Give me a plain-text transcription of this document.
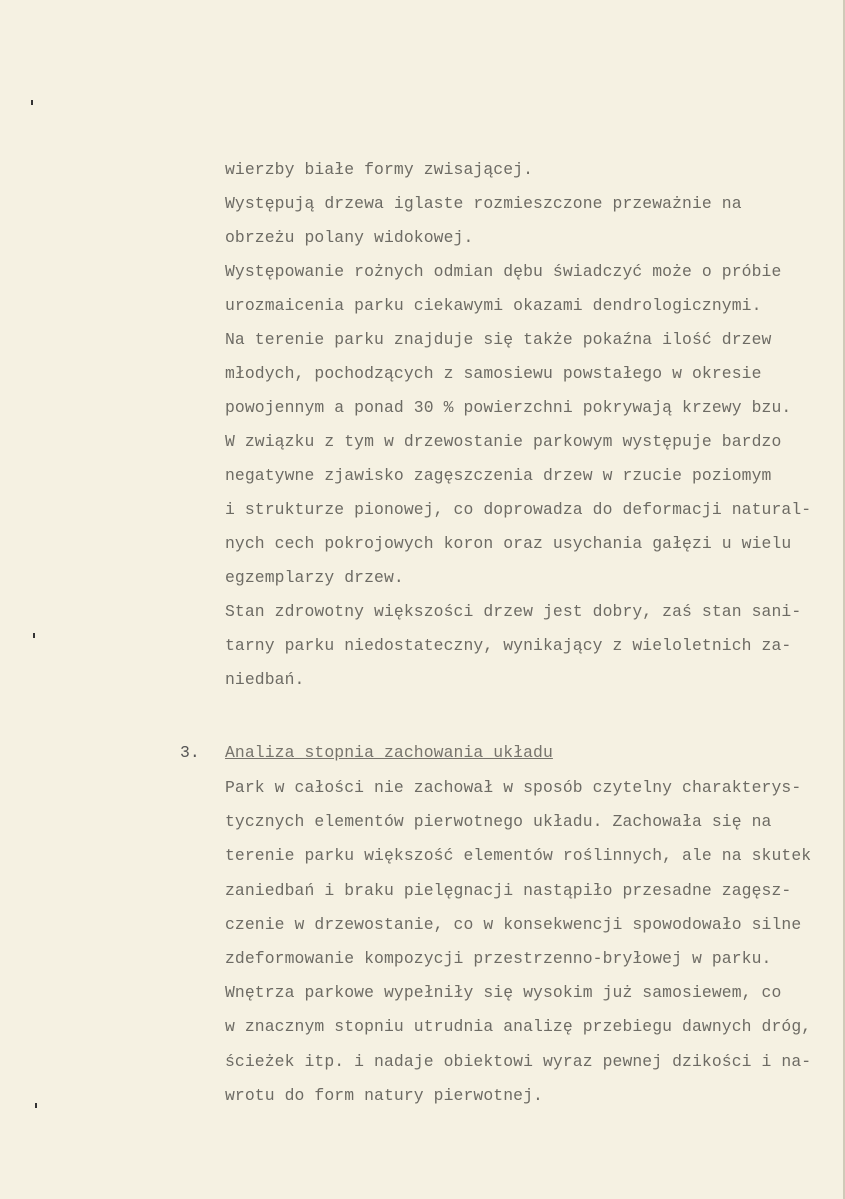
wierzby białe formy zwisającej.
Występują drzewa iglaste rozmieszczone przeważnie na
obrzeżu polany widokowej.
Występowanie rożnych odmian dębu świadczyć może o próbie
urozmaicenia parku ciekawymi okazami dendrologicznymi.
Na terenie parku znajduje się także pokaźna ilość drzew
młodych, pochodzących z samosiewu powstałego w okresie
powojennym a ponad 30 % powierzchni pokrywają krzewy bzu.
W związku z tym w drzewostanie parkowym występuje bardzo
negatywne zjawisko zagęszczenia drzew w rzucie poziomym
i strukturze pionowej, co doprowadza do deformacji natural-
nych cech pokrojowych koron oraz usychania gałęzi u wielu
egzemplarzy drzew.
Stan zdrowotny większości drzew jest dobry, zaś stan sani-
tarny parku niedostateczny, wynikający z wieloletnich za-
niedbań.
3. Analiza stopnia zachowania układu
Park w całości nie zachował w sposób czytelny charakterys-
tycznych elementów pierwotnego układu. Zachowała się na
terenie parku większość elementów roślinnych, ale na skutek
zaniedbań i braku pielęgnacji nastąpiło przesadne zagęsz-
czenie w drzewostanie, co w konsekwencji spowodowało silne
zdeformowanie kompozycji przestrzenno-bryłowej w parku.
Wnętrza parkowe wypełniły się wysokim już samosiewem, co
w znacznym stopniu utrudnia analizę przebiegu dawnych dróg,
ścieżek itp. i nadaje obiektowi wyraz pewnej dzikości i na-
wrotu do form natury pierwotnej.
